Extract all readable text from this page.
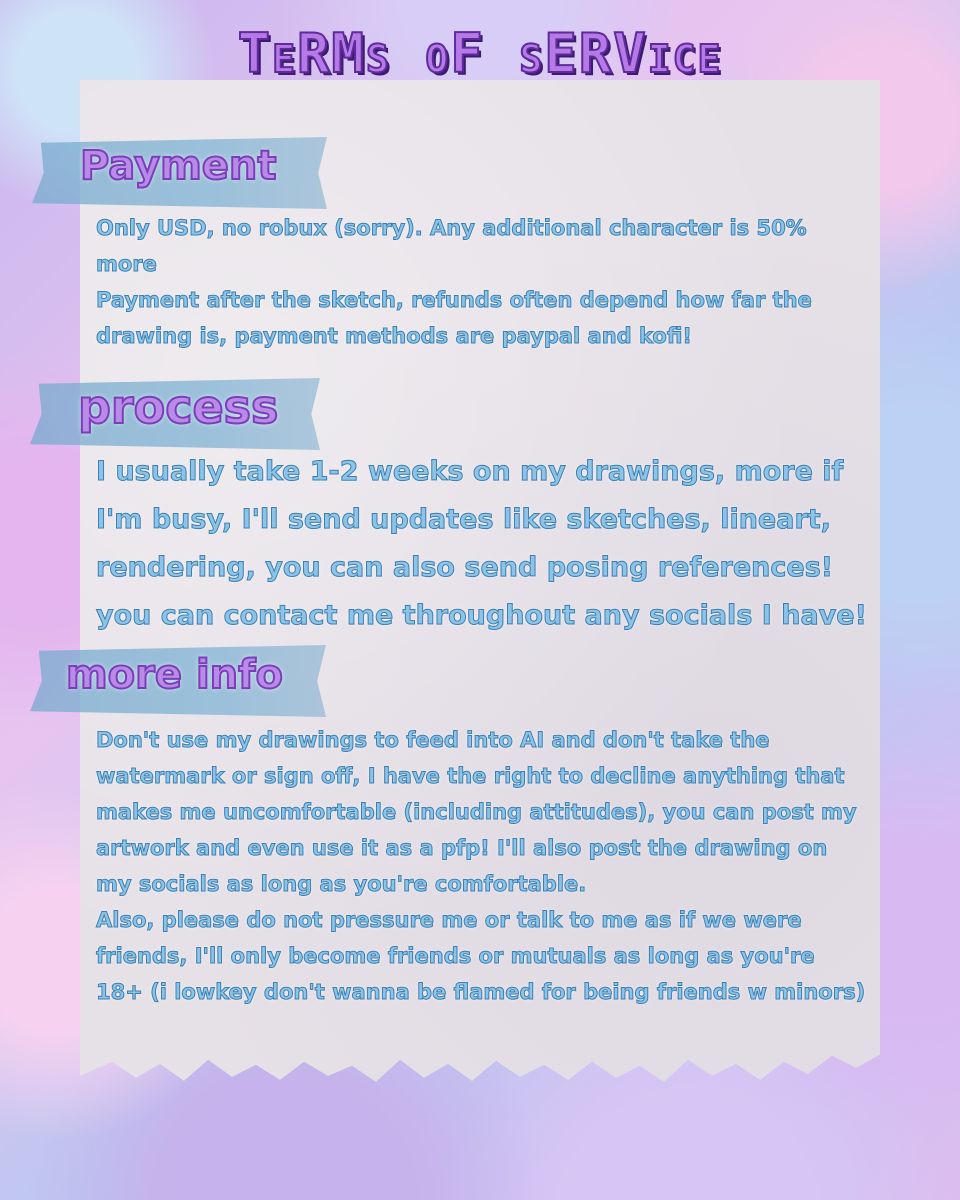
TeRMs oF sERVice
Payment

Only USD, no robux (sorry). Any additional character is 50% more

Payment after the sketch, refunds often depend how far the drawing is, payment methods are paypal and kofi!

process

I usually take 1-2 weeks on my drawings, more if I'm busy, I'll send updates like sketches, lineart, rendering, you can also send posing references! you can contact me throughout any socials I have!

more info

Don't use my drawings to feed into AI and don't take the watermark or sign off, I have the right to decline anything that makes me uncomfortable (including attitudes), you can post my artwork and even use it as a pfp! I'll also post the drawing on my socials as long as you're comfortable.

Also, please do not pressure me or talk to me as if we were friends, I'll only become friends or mutuals as long as you're 18+ (i lowkey don't wanna be flamed for being friends w minors)
